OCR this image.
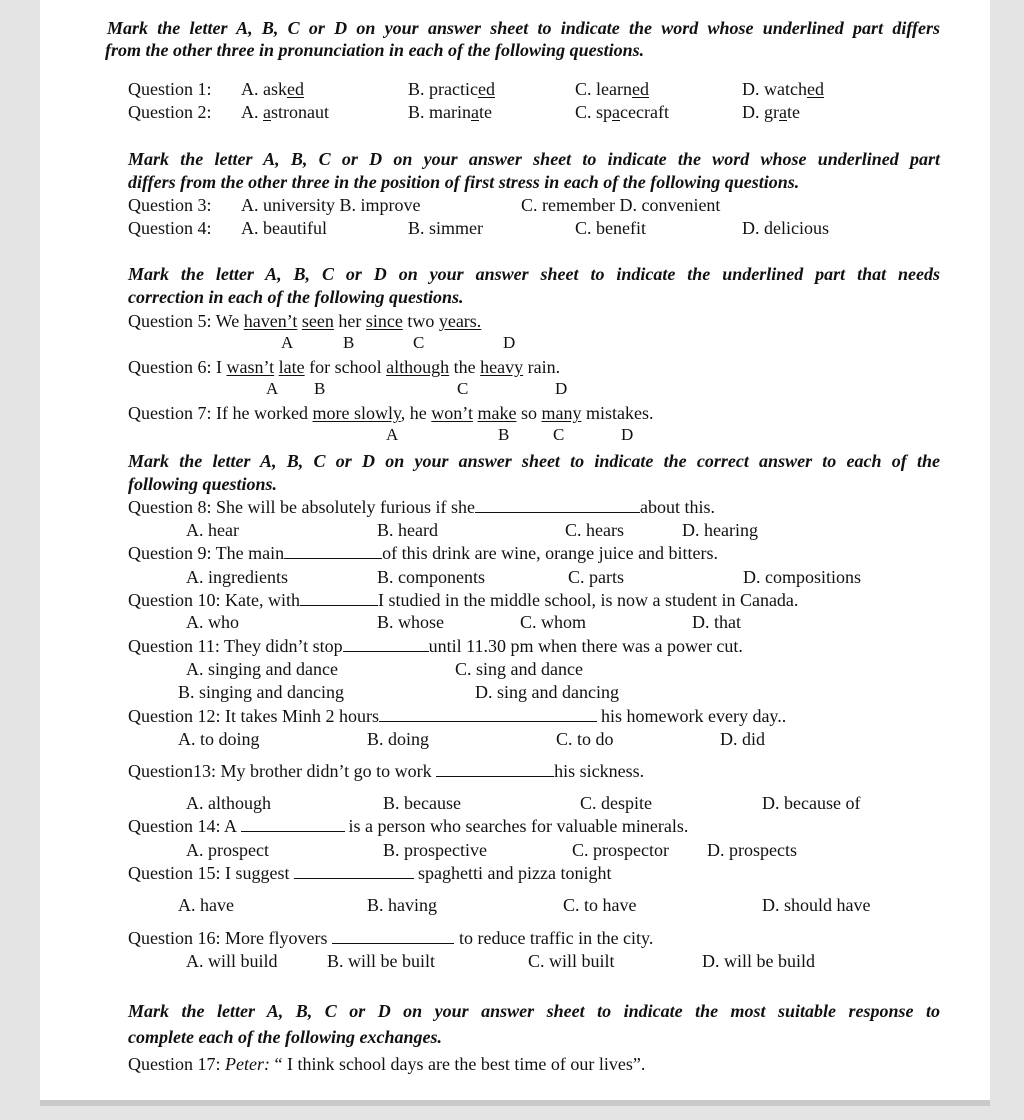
Mark the letter A, B, C or D on your answer sheet to indicate the word whose underlined part differs
from the other three in pronunciation in each of the following questions.
Question 1: A. asked	B. practiced	C. learned	D. watched
Question 2: A. astronaut	B. marinate	C. spacecraft	D. grate
Mark the letter A, B, C or D on your answer sheet to indicate the word whose underlined part
differs from the other three in the position of first stress in each of the following questions.
Question 3: A. university B. improve	C. remember D. convenient
Question 4: A. beautiful	B. simmer	C. benefit	D. delicious
Mark the letter A, B, C or D on your answer sheet to indicate the underlined part that needs
correction in each of the following questions.
Question 5: We haven’t seen her since two years.
A	B	C	D
Question 6: I wasn’t late for school although the heavy rain.
A B	C	D
Question 7: If he worked more slowly, he won’t make so many mistakes.
A	B	C	D
Mark the letter A, B, C or D on your answer sheet to indicate the correct answer to each of the
following questions.
Question 8: She will be absolutely furious if she	about this.
A. hear	B. heard	C. hears	D. hearing
Question 9: The main	of this drink are wine, orange juice and bitters.
A. ingredients	B. components	C. parts	D. compositions
Question 10: Kate, with	I studied in the middle school, is now a student in Canada.
A. who	B. whose	C. whom	D. that
Question 11: They didn’t stop	until 11.30 pm when there was a power cut.
A. singing and dance	C. sing and dance
B. singing and dancing	D. sing and dancing
Question 12: It takes Minh 2 hours	his homework every day..
A. to doing	B. doing	C. to do	D. did
Question13: My brother didn’t go to work	his sickness.
A. although	B. because	C. despite	D. because of
Question 14: A	is a person who searches for valuable minerals.
A. prospect	B. prospective	C. prospector D. prospects
Question 15: I suggest	spaghetti and pizza tonight
A. have	B. having	C. to have	D. should have
Question 16: More flyovers	to reduce traffic in the city.
A. will build	B. will be built	C. will built	D. will be build
Mark the letter A, B, C or D on your answer sheet to indicate the most suitable response to
complete each of the following exchanges.
Question 17: Peter: “ I think school days are the best time of our lives”.
